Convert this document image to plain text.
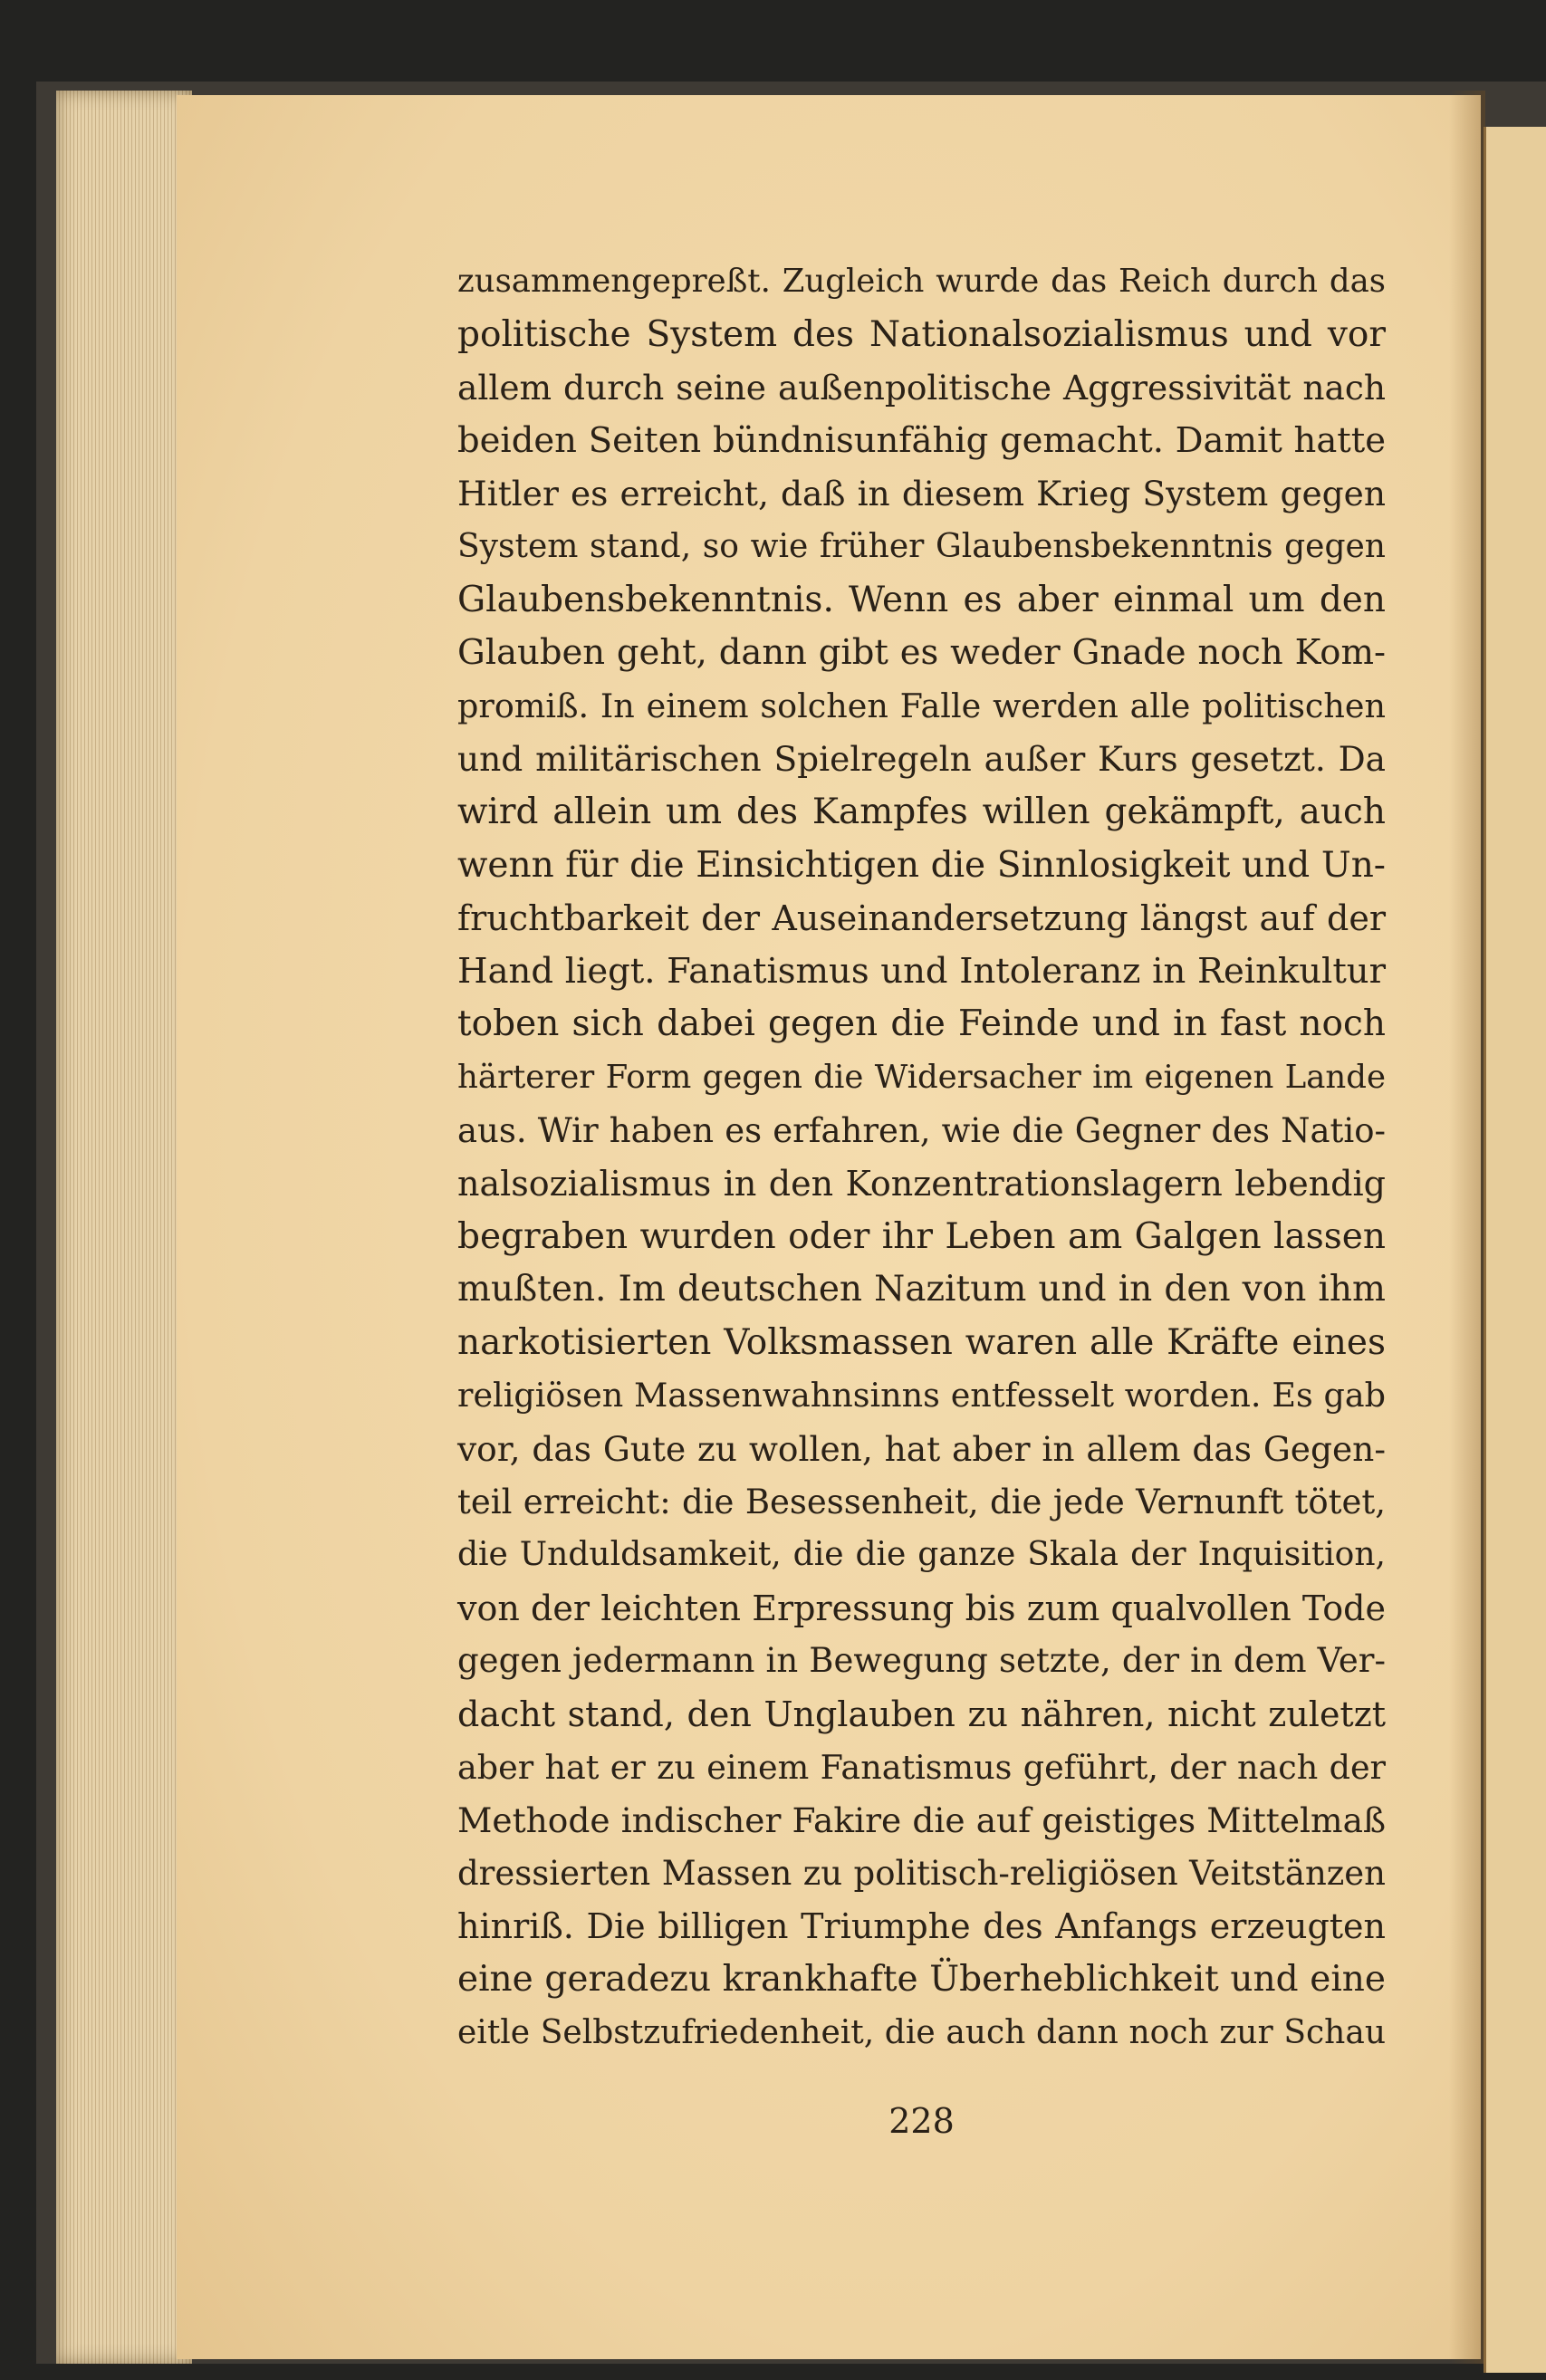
zusammengepreßt. Zugleich wurde das Reich durch das
politische System des Nationalsozialismus und vor
allem durch seine außenpolitische Aggressivität nach
beiden Seiten bündnisunfähig gemacht. Damit hatte
Hitler es erreicht, daß in diesem Krieg System gegen
System stand, so wie früher Glaubensbekenntnis gegen
Glaubensbekenntnis. Wenn es aber einmal um den
Glauben geht, dann gibt es weder Gnade noch Kom-
promiß. In einem solchen Falle werden alle politischen
und militärischen Spielregeln außer Kurs gesetzt. Da
wird allein um des Kampfes willen gekämpft, auch
wenn für die Einsichtigen die Sinnlosigkeit und Un-
fruchtbarkeit der Auseinandersetzung längst auf der
Hand liegt. Fanatismus und Intoleranz in Reinkultur
toben sich dabei gegen die Feinde und in fast noch
härterer Form gegen die Widersacher im eigenen Lande
aus. Wir haben es erfahren, wie die Gegner des Natio-
nalsozialismus in den Konzentrationslagern lebendig
begraben wurden oder ihr Leben am Galgen lassen
mußten. Im deutschen Nazitum und in den von ihm
narkotisierten Volksmassen waren alle Kräfte eines
religiösen Massenwahnsinns entfesselt worden. Es gab
vor, das Gute zu wollen, hat aber in allem das Gegen-
teil erreicht: die Besessenheit, die jede Vernunft tötet,
die Unduldsamkeit, die die ganze Skala der Inquisition,
von der leichten Erpressung bis zum qualvollen Tode
gegen jedermann in Bewegung setzte, der in dem Ver-
dacht stand, den Unglauben zu nähren, nicht zuletzt
aber hat er zu einem Fanatismus geführt, der nach der
Methode indischer Fakire die auf geistiges Mittelmaß
dressierten Massen zu politisch-religiösen Veitstänzen
hinriß. Die billigen Triumphe des Anfangs erzeugten
eine geradezu krankhafte Überheblichkeit und eine
eitle Selbstzufriedenheit, die auch dann noch zur Schau
228
